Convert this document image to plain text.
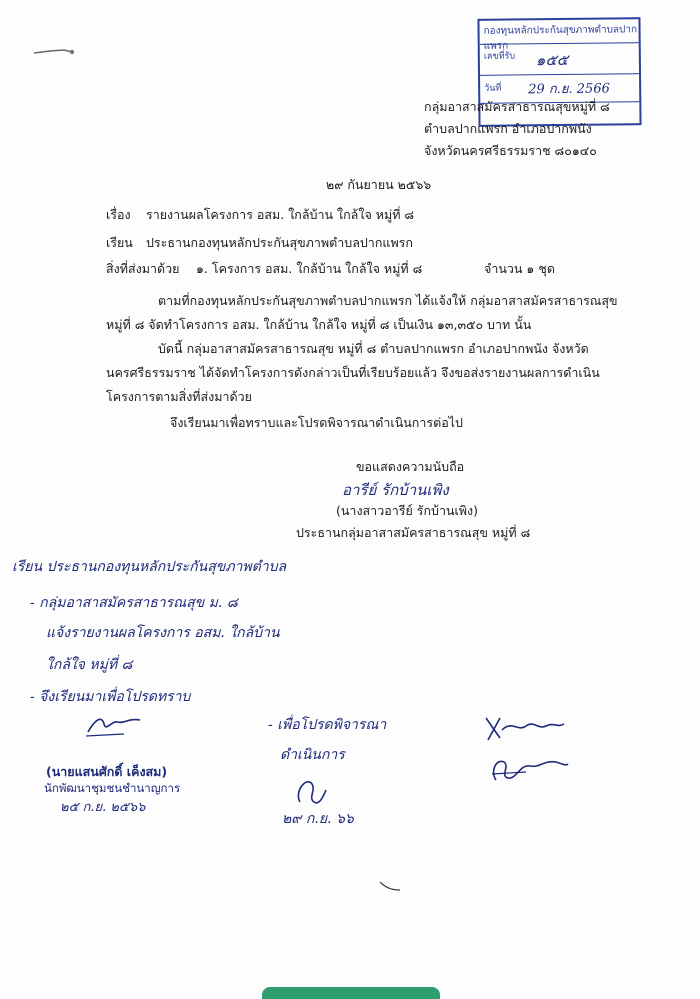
กองทุนหลักประกันสุขภาพตำบลปากแพรก
เลขที่รับ	๑๕๕
วันที่	29 ก.ย. 2566
กลุ่มอาสาสมัครสาธารณสุขหมู่ที่ ๘
ตำบลปากแพรก อำเภอปากพนัง
จังหวัดนครศรีธรรมราช ๘๐๑๔๐
๒๙ กันยายน ๒๕๖๖
เรื่อง รายงานผลโครงการ อสม. ใกล้บ้าน ใกล้ใจ หมู่ที่ ๘
เรียน ประธานกองทุนหลักประกันสุขภาพตำบลปากแพรก
สิ่งที่ส่งมาด้วย ๑. โครงการ อสม. ใกล้บ้าน ใกล้ใจ หมู่ที่ ๘	จำนวน ๑ ชุด
ตามที่กองทุนหลักประกันสุขภาพตำบลปากแพรก ได้แจ้งให้ กลุ่มอาสาสมัครสาธารณสุข
หมู่ที่ ๘ จัดทำโครงการ อสม. ใกล้บ้าน ใกล้ใจ หมู่ที่ ๘ เป็นเงิน ๑๓,๓๕๐ บาท นั้น
บัดนี้ กลุ่มอาสาสมัครสาธารณสุข หมู่ที่ ๘ ตำบลปากแพรก อำเภอปากพนัง จังหวัด
นครศรีธรรมราช ได้จัดทำโครงการดังกล่าวเป็นที่เรียบร้อยแล้ว จึงขอส่งรายงานผลการดำเนิน
โครงการตามสิ่งที่ส่งมาด้วย
จึงเรียนมาเพื่อทราบและโปรดพิจารณาดำเนินการต่อไป
ขอแสดงความนับถือ
อารีย์ รักบ้านเพิง
(นางสาวอารีย์ รักบ้านเพิง)
ประธานกลุ่มอาสาสมัครสาธารณสุข หมู่ที่ ๘
เรียน ประธานกองทุนหลักประกันสุขภาพตำบล
- กลุ่มอาสาสมัครสาธารณสุข ม. ๘
แจ้งรายงานผลโครงการ อสม. ใกล้บ้าน
ใกล้ใจ หมู่ที่ ๘
- จึงเรียนมาเพื่อโปรดทราบ
(นายแสนศักดิ์ เค็งสม)
นักพัฒนาชุมชนชำนาญการ
๒๕ ก.ย. ๒๕๖๖
- เพื่อโปรดพิจารณา
ดำเนินการ
๒๙ ก.ย. ๖๖
